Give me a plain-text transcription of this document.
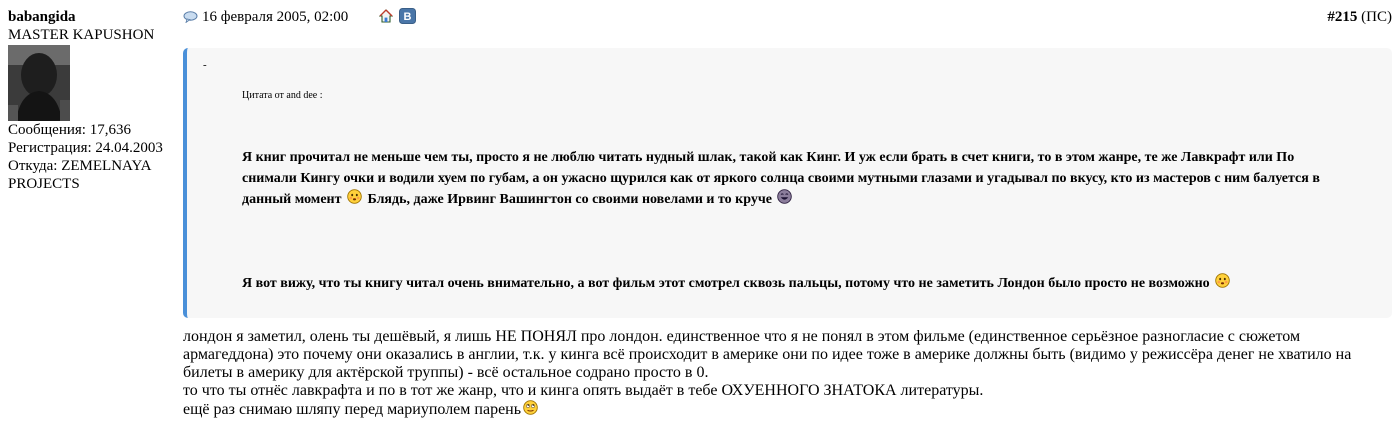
babangida
MASTER KAPUSHON
Сообщения: 17,636
Регистрация: 24.04.2003
Откуда: ZEMELNAYA PROJECTS
16 февраля 2005, 02:00	В	#215 (ПС)
-
Цитата от and dee :
Я книг прочитал не меньше чем ты, просто я не люблю читать нудный шлак, такой как Кинг. И уж если брать в счет книги, то в этом жанре, те же Лавкрафт или По снимали Кингу очки и водили хуем по губам, а он ужасно щурился как от яркого солнца своими мутными глазами и угадывал по вкусу, кто из мастеров с ним балуется в данный момент Блядь, даже Ирвинг Вашингтон со своими новелами и то круче
Я вот вижу, что ты книгу читал очень внимательно, а вот фильм этот смотрел сквозь пальцы, потому что не заметить Лондон было просто не возможно
лондон я заметил, олень ты дешёвый, я лишь НЕ ПОНЯЛ про лондон. единственное что я не понял в этом фильме (единственное серьёзное разногласие с сюжетом армагеддона) это почему они оказались в англии, т.к. у кинга всё происходит в америке они по идее тоже в америке должны быть (видимо у режиссёра денег не хватило на билеты в америку для актёрской труппы) - всё остальное содрано просто в 0.
то что ты отнёс лавкрафта и по в тот же жанр, что и кинга опять выдаёт в тебе ОХУЕННОГО ЗНАТОКА литературы.
ещё раз снимаю шляпу перед мариуполем парень
